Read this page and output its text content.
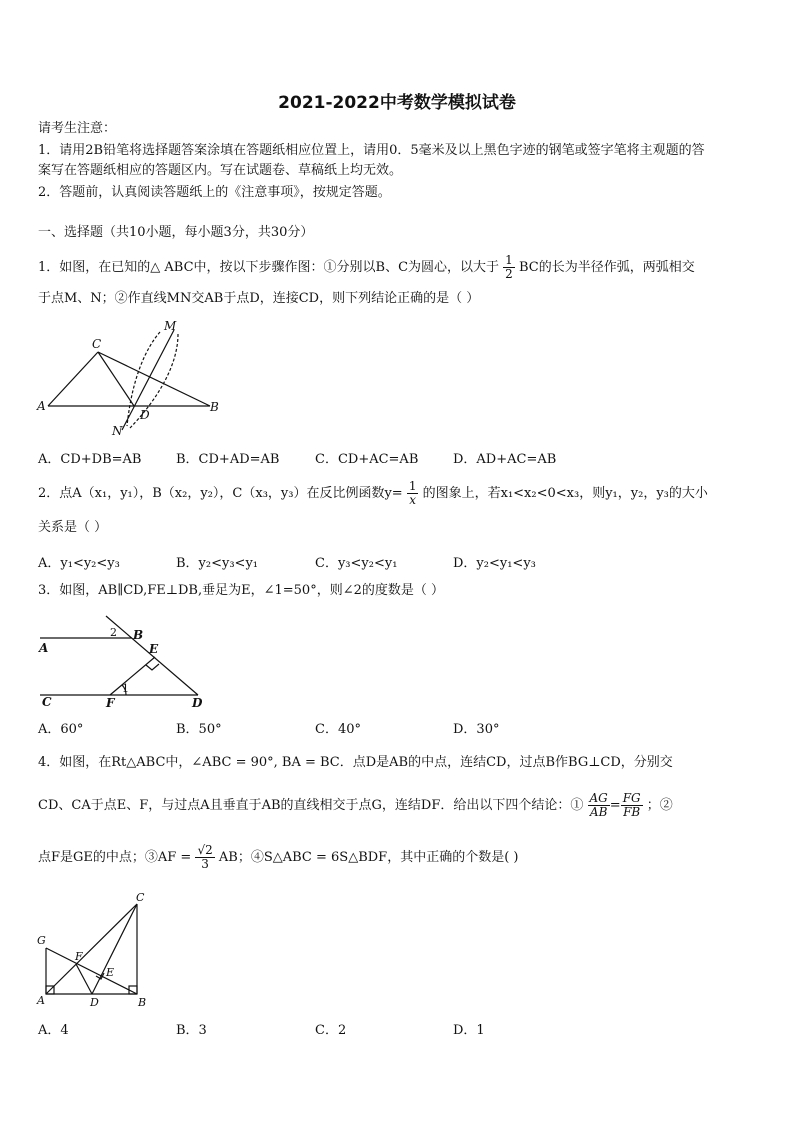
2021-2022中考数学模拟试卷
请考生注意：
1．请用2B铅笔将选择题答案涂填在答题纸相应位置上，请用0．5毫米及以上黑色字迹的钢笔或签字笔将主观题的答
案写在答题纸相应的答题区内。写在试题卷、草稿纸上均无效。
2．答题前，认真阅读答题纸上的《注意事项》，按规定答题。
一、选择题（共10小题，每小题3分，共30分）
1．如图，在已知的△ ABC中，按以下步骤作图：①分别以B、C为圆心，以大于 $\frac{1}{2}$ BC的长为半径作弧，两弧相交
于点M、N；②作直线MN交AB于点D，连接CD，则下列结论正确的是（ ）
C
M
A	B
D
N
A．CD+DB=AB	B．CD+AD=AB	C．CD+AC=AB	D．AD+AC=AB
2．点A（x₁，y₁），B（x₂，y₂），C（x₃，y₃）在反比例函数$y= \frac{1}{x}$ 的图象上，若x₁<x₂<0<x₃，则y₁，y₂，y₃的大小
关系是（ ）
A．y₁<y₂<y₃	B．y₂<y₃<y₁	C．y₃<y₂<y₁	D．y₂<y₁<y₃
3．如图，AB∥CD,FE⊥DB,垂足为E，∠1=50°，则∠2的度数是（ ）
A
B
C	D
E
F
1
2
A．60°	B．50°	C．40°	D．30°
4．如图，在Rt△ABC中，∠ABC = 90°, BA = BC．点D是AB的中点，连结CD，过点B作BG⊥CD，分别交
CD、CA于点E、F，与过点A且垂直于AB的直线相交于点G，连结DF．给出以下四个结论：① $\frac{AG}{AB} = \frac{FG}{FB}$ ；②
点F是GE的中点；③AF = $\frac{√2}{3}$ AB；④S△ABC = 6S△BDF，其中正确的个数是( )
C
G
F
E
A	D	B
A．4	B．3	C．2	D．1
